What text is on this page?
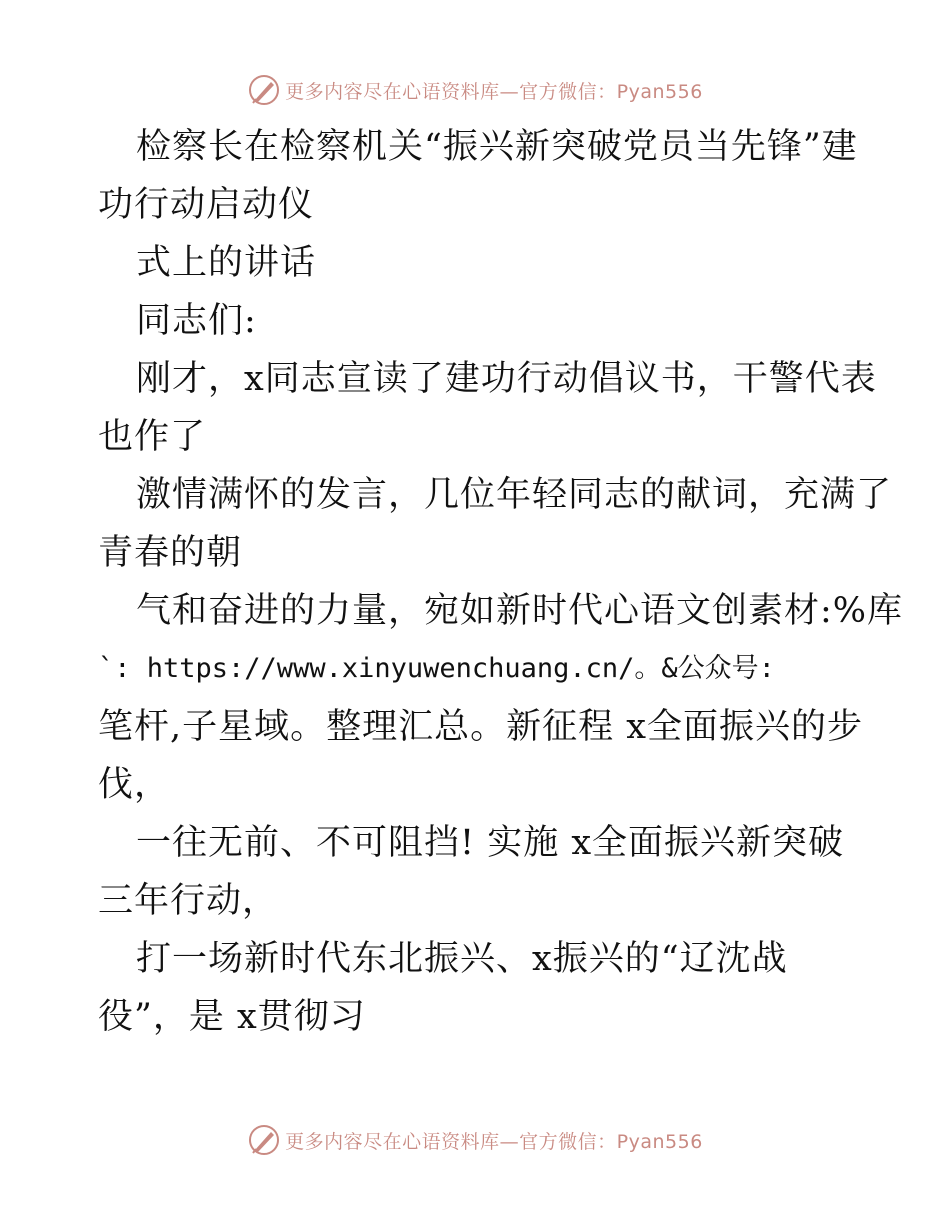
更多内容尽在心语资料库—官方微信：Pyan556
检察长在检察机关“振兴新突破党员当先锋”建
功行动启动仪
式上的讲话
同志们:
刚才，x同志宣读了建功行动倡议书，干警代表
也作了
激情满怀的发言，几位年轻同志的献词，充满了
青春的朝
气和奋进的力量，宛如新时代心语文创素材:%库
`: https://www.xinyuwenchuang.cn/。&公众号:
笔杆,子星域。整理汇总。新征程 x全面振兴的步
伐，
一往无前、不可阻挡! 实施 x全面振兴新突破
三年行动，
打一场新时代东北振兴、x振兴的“辽沈战
役”，是 x贯彻习
更多内容尽在心语资料库—官方微信：Pyan556
